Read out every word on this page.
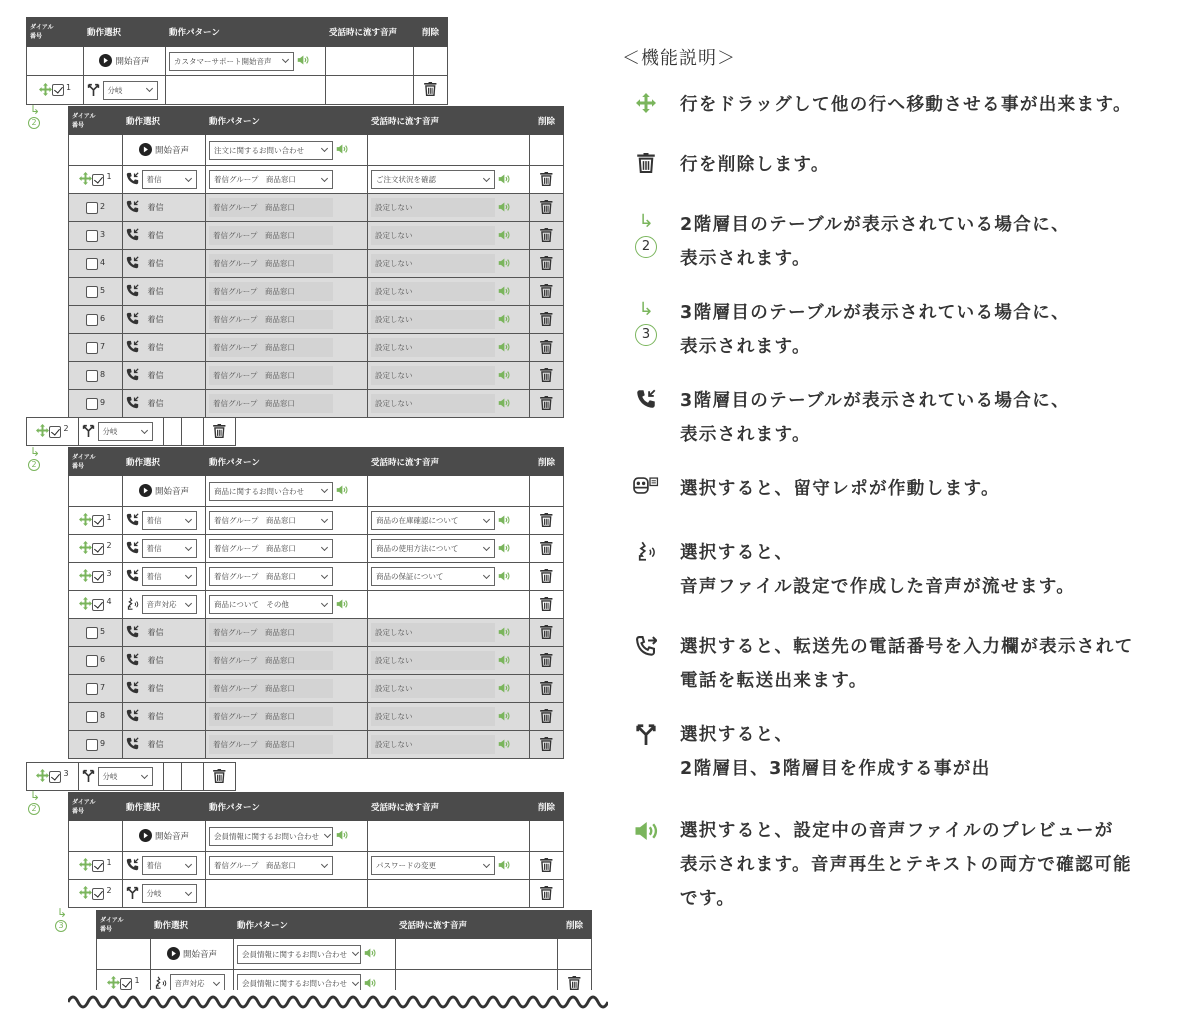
ダイアル
番号	動作選択	動作パターン	受話時に流す音声	削除
	開始音声	カスタマーサポート開始音声		

1	分岐

↳
2
ダイアル
番号	動作選択	動作パターン	受話時に流す音声	削除
	開始音声	注文に関するお問い合わせ		

1	着信	着信グループ　商品窓口	ご注文状況を確認

2	着信	着信グループ　商品窓口	設定しない	
3	着信	着信グループ　商品窓口	設定しない	
4	着信	着信グループ　商品窓口	設定しない	
5	着信	着信グループ　商品窓口	設定しない	
6	着信	着信グループ　商品窓口	設定しない	
7	着信	着信グループ　商品窓口	設定しない	
8	着信	着信グループ　商品窓口	設定しない	
9	着信	着信グループ　商品窓口	設定しない	
2	分岐

↳
2
ダイアル
番号	動作選択	動作パターン	受話時に流す音声	削除
	開始音声	商品に関するお問い合わせ		

1	着信	着信グループ　商品窓口	商品の在庫確認について

2	着信	着信グループ　商品窓口	商品の使用方法について

3	着信	着信グループ　商品窓口	商品の保証について

4	音声対応	商品について　その他

5	着信	着信グループ　商品窓口	設定しない	
6	着信	着信グループ　商品窓口	設定しない	
7	着信	着信グループ　商品窓口	設定しない	
8	着信	着信グループ　商品窓口	設定しない	
9	着信	着信グループ　商品窓口	設定しない	
3	分岐

↳
2
ダイアル
番号	動作選択	動作パターン	受話時に流す音声	削除
	開始音声	会員情報に関するお問い合わせ		

1	着信	着信グループ　商品窓口	パスワードの変更

2	分岐

↳
3
ダイアル
番号	動作選択	動作パターン	受話時に流す音声	削除
	開始音声	会員情報に関するお問い合わせ		

1	音声対応	会員情報に関するお問い合わせ

＜機能説明＞
行をドラッグして他の行へ移動させる事が出来ます。
行を削除します。
↳
2
2階層目のテーブルが表示されている場合に、
表示されます。
↳
3
3階層目のテーブルが表示されている場合に、
表示されます。
3階層目のテーブルが表示されている場合に、
表示されます。
選択すると、留守レポが作動します。
選択すると、
音声ファイル設定で作成した音声が流せます。
選択すると、転送先の電話番号を入力欄が表示されて
電話を転送出来ます。
選択すると、
2階層目、3階層目を作成する事が出
選択すると、設定中の音声ファイルのプレビューが
表示されます。音声再生とテキストの両方で確認可能
です。
